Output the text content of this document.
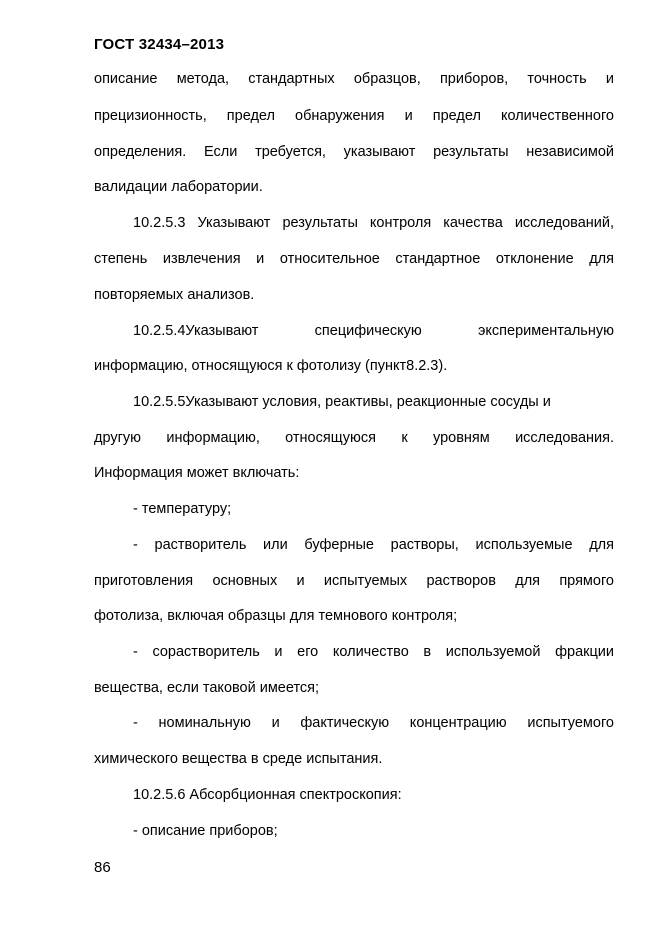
ГОСТ 32434–2013
описание метода, стандартных образцов, приборов, точность и
прецизионность, предел обнаружения и предел количественного
определения. Если требуется, указывают результаты независимой
валидации лаборатории.
10.2.5.3 Указывают результаты контроля качества исследований,
степень извлечения и относительное стандартное отклонение для
повторяемых анализов.
10.2.5.4Указывают специфическую экспериментальную
информацию, относящуюся к фотолизу (пункт8.2.3).
10.2.5.5Указывают условия, реактивы, реакционные сосуды и
другую информацию, относящуюся к уровням исследования.
Информация может включать:
- температуру;
- растворитель или буферные растворы, используемые для
приготовления основных и испытуемых растворов для прямого
фотолиза, включая образцы для темнового контроля;
- сорастворитель и его количество в используемой фракции
вещества, если таковой имеется;
- номинальную и фактическую концентрацию испытуемого
химического вещества в среде испытания.
10.2.5.6 Абсорбционная спектроскопия:
- описание приборов;
86
